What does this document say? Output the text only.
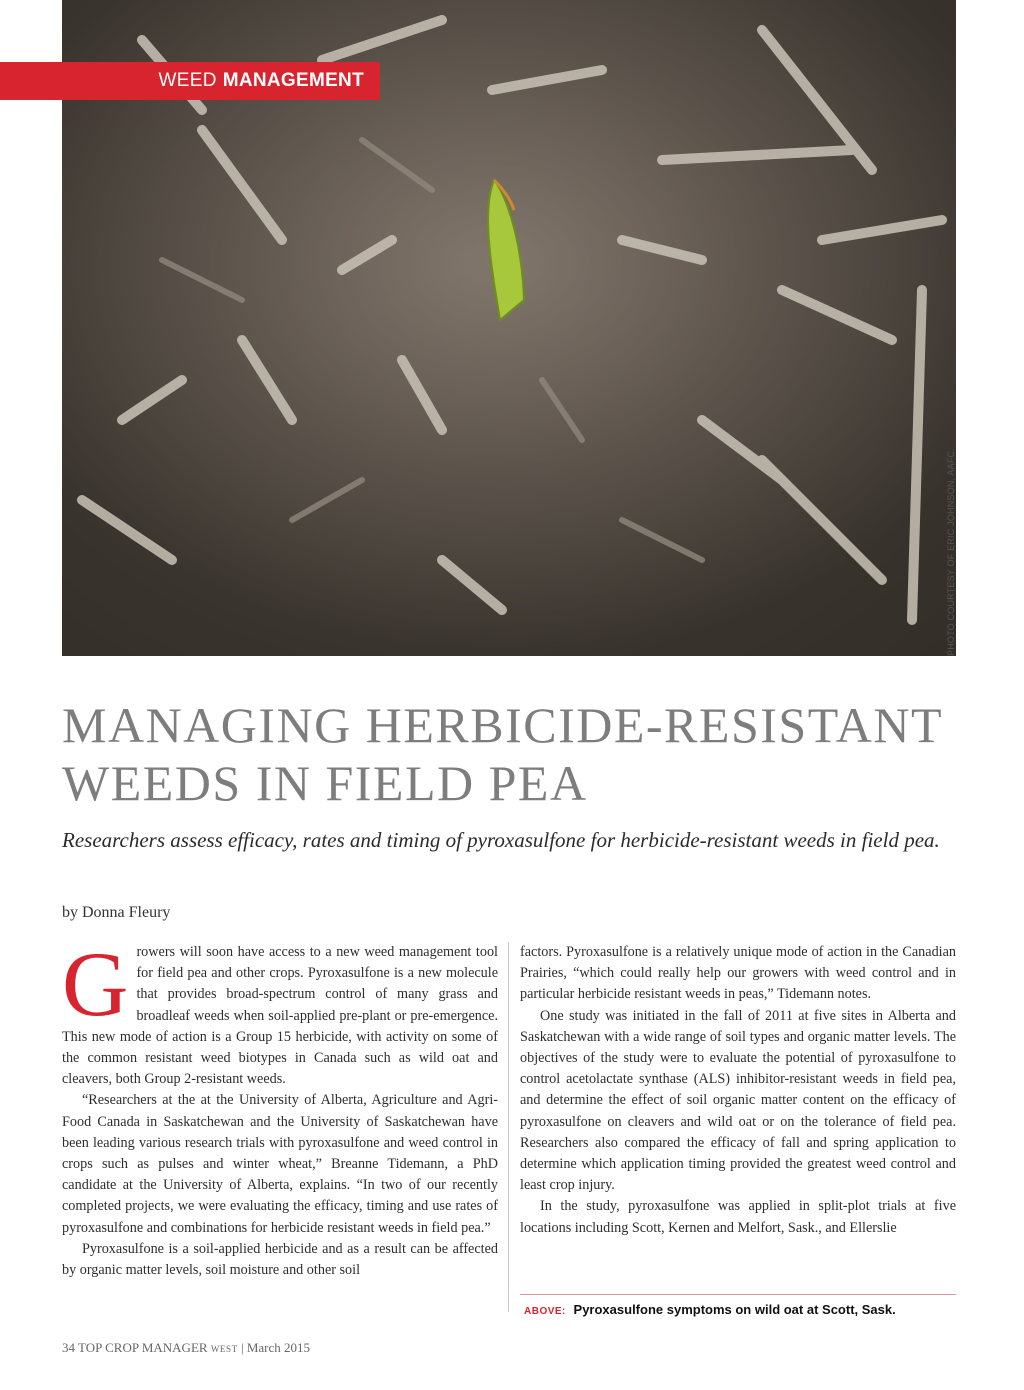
WEED MANAGEMENT
PHOTO COURTESY OF ERIC JOHNSON, AAFC.
MANAGING HERBICIDE-RESISTANT WEEDS IN FIELD PEA
Researchers assess efficacy, rates and timing of pyroxasulfone for herbicide-resistant weeds in field pea.
by Donna Fleury

Growers will soon have access to a new weed management tool for field pea and other crops. Pyroxasulfone is a new molecule that provides broad-spectrum control of many grass and broadleaf weeds when soil-applied pre-plant or pre-emergence. This new mode of action is a Group 15 herbicide, with activity on some of the common resistant weed biotypes in Canada such as wild oat and cleavers, both Group 2-resistant weeds.

“Researchers at the at the University of Alberta, Agriculture and Agri-Food Canada in Saskatchewan and the University of Saskatchewan have been leading various research trials with pyroxasulfone and weed control in crops such as pulses and winter wheat,” Breanne Tidemann, a PhD candidate at the University of Alberta, explains. “In two of our recently completed projects, we were evaluating the efficacy, timing and use rates of pyroxasulfone and combinations for herbicide resistant weeds in field pea.”

Pyroxasulfone is a soil-applied herbicide and as a result can be affected by organic matter levels, soil moisture and other soil

factors. Pyroxasulfone is a relatively unique mode of action in the Canadian Prairies, “which could really help our growers with weed control and in particular herbicide resistant weeds in peas,” Tidemann notes.

One study was initiated in the fall of 2011 at five sites in Alberta and Saskatchewan with a wide range of soil types and organic matter levels. The objectives of the study were to evaluate the potential of pyroxasulfone to control acetolactate synthase (ALS) inhibitor-resistant weeds in field pea, and determine the effect of soil organic matter content on the efficacy of pyroxasulfone on cleavers and wild oat or on the tolerance of field pea. Researchers also compared the efficacy of fall and spring application to determine which application timing provided the greatest weed control and least crop injury.

In the study, pyroxasulfone was applied in split-plot trials at five locations including Scott, Kernen and Melfort, Sask., and Ellerslie

ABOVE: Pyroxasulfone symptoms on wild oat at Scott, Sask.
34 TOP CROP MANAGER WEST | March 2015
